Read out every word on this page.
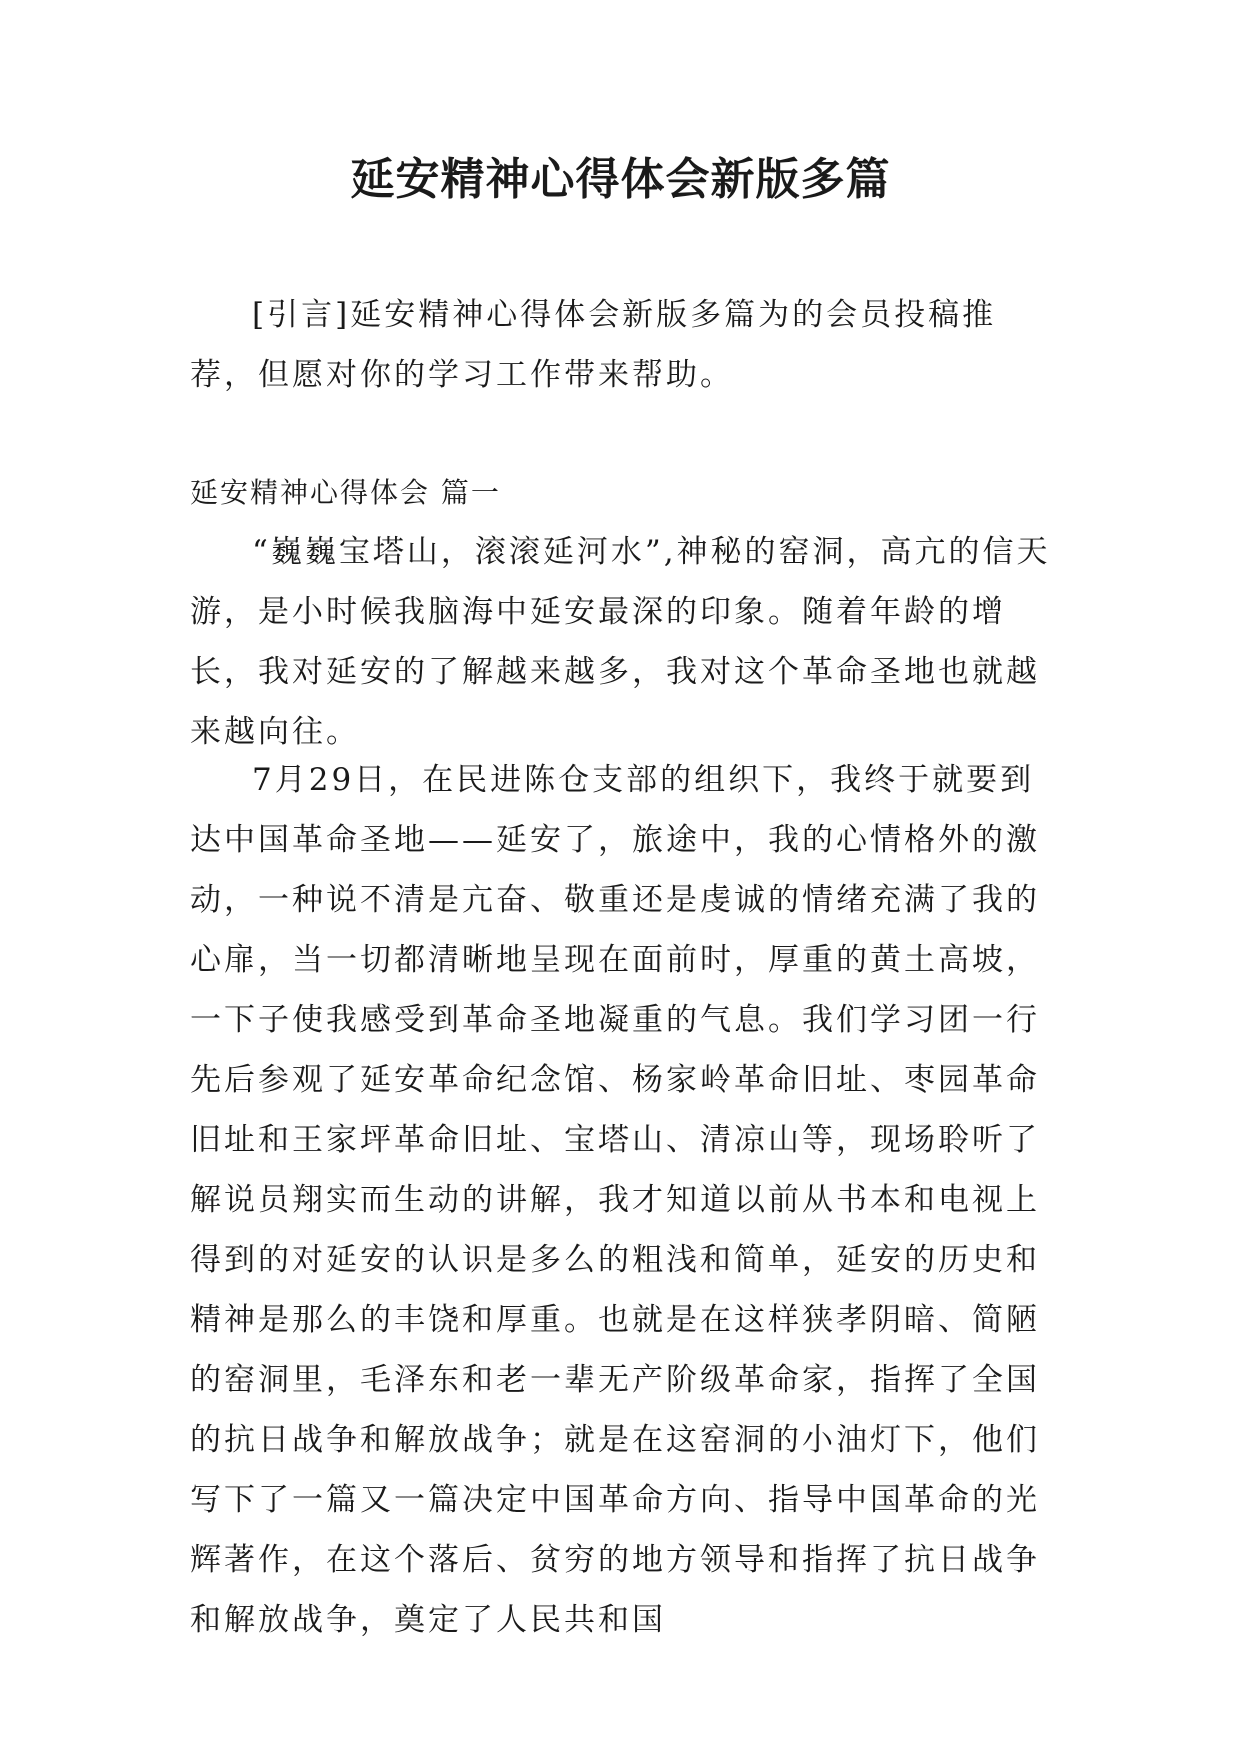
延安精神心得体会新版多篇

[引言]延安精神心得体会新版多篇为的会员投稿推荐，但愿对你的学习工作带来帮助。

延安精神心得体会 篇一

“巍巍宝塔山，滚滚延河水”,神秘的窑洞，高亢的信天游，是小时候我脑海中延安最深的印象。随着年龄的增长，我对延安的了解越来越多，我对这个革命圣地也就越来越向往。

7月29日，在民进陈仓支部的组织下，我终于就要到达中国革命圣地——延安了，旅途中，我的心情格外的激动，一种说不清是亢奋、敬重还是虔诚的情绪充满了我的心扉，当一切都清晰地呈现在面前时，厚重的黄土高坡，一下子使我感受到革命圣地凝重的气息。我们学习团一行先后参观了延安革命纪念馆、杨家岭革命旧址、枣园革命旧址和王家坪革命旧址、宝塔山、清凉山等，现场聆听了解说员翔实而生动的讲解，我才知道以前从书本和电视上得到的对延安的认识是多么的粗浅和简单，延安的历史和精神是那么的丰饶和厚重。也就是在这样狭孝阴暗、简陋的窑洞里，毛泽东和老一辈无产阶级革命家，指挥了全国的抗日战争和解放战争；就是在这窑洞的小油灯下，他们写下了一篇又一篇决定中国革命方向、指导中国革命的光辉著作，在这个落后、贫穷的地方领导和指挥了抗日战争和解放战争，奠定了人民共和国
